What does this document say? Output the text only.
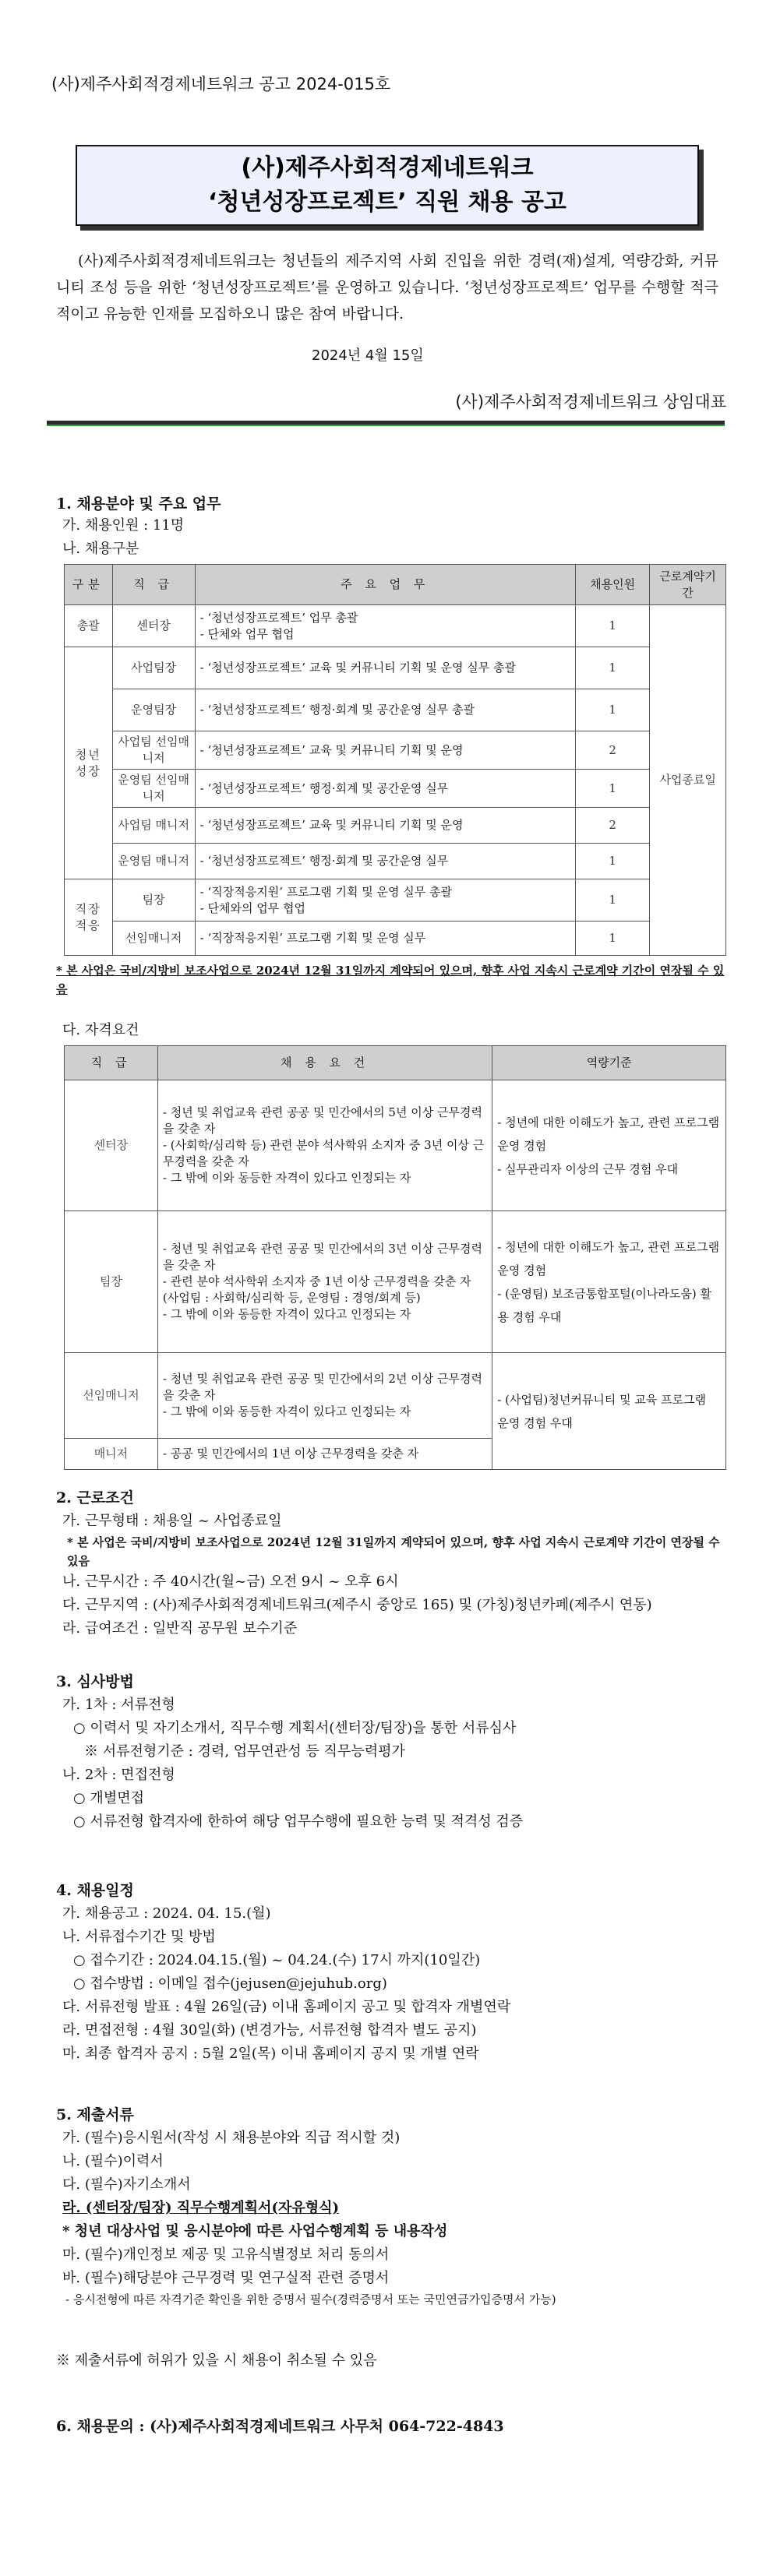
(사)제주사회적경제네트워크 공고 2024-015호
(사)제주사회적경제네트워크
‘청년성장프로젝트’ 직원 채용 공고
(사)제주사회적경제네트워크는 청년들의 제주지역 사회 진입을 위한 경력(재)설계, 역량강화, 커뮤니티 조성 등을 위한 ‘청년성장프로젝트’를 운영하고 있습니다. ‘청년성장프로젝트’ 업무를 수행할 적극적이고 유능한 인재를 모집하오니 많은 참여 바랍니다.
2024년 4월 15일
(사)제주사회적경제네트워크 상임대표
1. 채용분야 및 주요 업무
가. 채용인원 : 11명
나. 채용구분
구분	직 급	주 요 업 무	채용인원	근로계약기간
총괄	센터장	- ‘청년성장프로젝트’ 업무 총괄
- 단체와 업무 협업	1	사업종료일
청년성장	사업팀장	- ‘청년성장프로젝트’ 교육 및 커뮤니티 기획 및 운영 실무 총괄	1	
	운영팀장	- ‘청년성장프로젝트’ 행정·회계 및 공간운영 실무 총괄	1	
	사업팀 선임매니저	- ‘청년성장프로젝트’ 교육 및 커뮤니티 기획 및 운영	2	
	운영팀 선임매니저	- ‘청년성장프로젝트’ 행정·회계 및 공간운영 실무	1	
	사업팀 매니저	- ‘청년성장프로젝트’ 교육 및 커뮤니티 기획 및 운영	2	
	운영팀 매니저	- ‘청년성장프로젝트’ 행정·회계 및 공간운영 실무	1	
직장적응	팀장	- ‘직장적응지원’ 프로그램 기획 및 운영 실무 총괄
- 단체와의 업무 협업	1	
	선임매니저	- ‘직장적응지원’ 프로그램 기획 및 운영 실무	1	
* 본 사업은 국비/지방비 보조사업으로 2024년 12월 31일까지 계약되어 있으며, 향후 사업 지속시 근로계약 기간이 연장될 수 있음
다. 자격요건
직 급	채 용 요 건	역량기준
센터장	- 청년 및 취업교육 관련 공공 및 민간에서의 5년 이상 근무경력을 갖춘 자
- (사회학/심리학 등) 관련 분야 석사학위 소지자 중 3년 이상 근무경력을 갖춘 자
- 그 밖에 이와 동등한 자격이 있다고 인정되는 자	- 청년에 대한 이해도가 높고, 관련 프로그램 운영 경험
- 실무관리자 이상의 근무 경험 우대
팀장	- 청년 및 취업교육 관련 공공 및 민간에서의 3년 이상 근무경력을 갖춘 자
- 관련 분야 석사학위 소지자 중 1년 이상 근무경력을 갖춘 자
(사업팀 : 사회학/심리학 등, 운영팀 : 경영/회계 등)
- 그 밖에 이와 동등한 자격이 있다고 인정되는 자	- 청년에 대한 이해도가 높고, 관련 프로그램 운영 경험
- (운영팀) 보조금통합포털(이나라도움) 활용 경험 우대
선임매니저	- 청년 및 취업교육 관련 공공 및 민간에서의 2년 이상 근무경력을 갖춘 자
- 그 밖에 이와 동등한 자격이 있다고 인정되는 자	- (사업팀)청년커뮤니티 및 교육 프로그램 운영 경험 우대
매니저	- 공공 및 민간에서의 1년 이상 근무경력을 갖춘 자	
2. 근로조건
가. 근무형태 : 채용일 ~ 사업종료일
* 본 사업은 국비/지방비 보조사업으로 2024년 12월 31일까지 계약되어 있으며, 향후 사업 지속시 근로계약 기간이 연장될 수 있음
나. 근무시간 : 주 40시간(월~금) 오전 9시 ~ 오후 6시
다. 근무지역 : (사)제주사회적경제네트워크(제주시 중앙로 165) 및 (가칭)청년카페(제주시 연동)
라. 급여조건 : 일반직 공무원 보수기준
3. 심사방법
가. 1차 : 서류전형
○ 이력서 및 자기소개서, 직무수행 계획서(센터장/팀장)을 통한 서류심사
※ 서류전형기준 : 경력, 업무연관성 등 직무능력평가
나. 2차 : 면접전형
○ 개별면접
○ 서류전형 합격자에 한하여 해당 업무수행에 필요한 능력 및 적격성 검증
4. 채용일정
가. 채용공고 : 2024. 04. 15.(월)
나. 서류접수기간 및 방법
○ 접수기간 : 2024.04.15.(월) ~ 04.24.(수) 17시 까지(10일간)
○ 접수방법 : 이메일 접수(jejusen@jejuhub.org)
다. 서류전형 발표 : 4월 26일(금) 이내 홈페이지 공고 및 합격자 개별연락
라. 면접전형 : 4월 30일(화) (변경가능, 서류전형 합격자 별도 공지)
마. 최종 합격자 공지 : 5월 2일(목) 이내 홈페이지 공지 및 개별 연락
5. 제출서류
가. (필수)응시원서(작성 시 채용분야와 직급 적시할 것)
나. (필수)이력서
다. (필수)자기소개서
라. (센터장/팀장) 직무수행계획서(자유형식)
* 청년 대상사업 및 응시분야에 따른 사업수행계획 등 내용작성
마. (필수)개인정보 제공 및 고유식별정보 처리 동의서
바. (필수)해당분야 근무경력 및 연구실적 관련 증명서
- 응시전형에 따른 자격기준 확인을 위한 증명서 필수(경력증명서 또는 국민연금가입증명서 가능)
※ 제출서류에 허위가 있을 시 채용이 취소될 수 있음
6. 채용문의 : (사)제주사회적경제네트워크 사무처 064-722-4843
